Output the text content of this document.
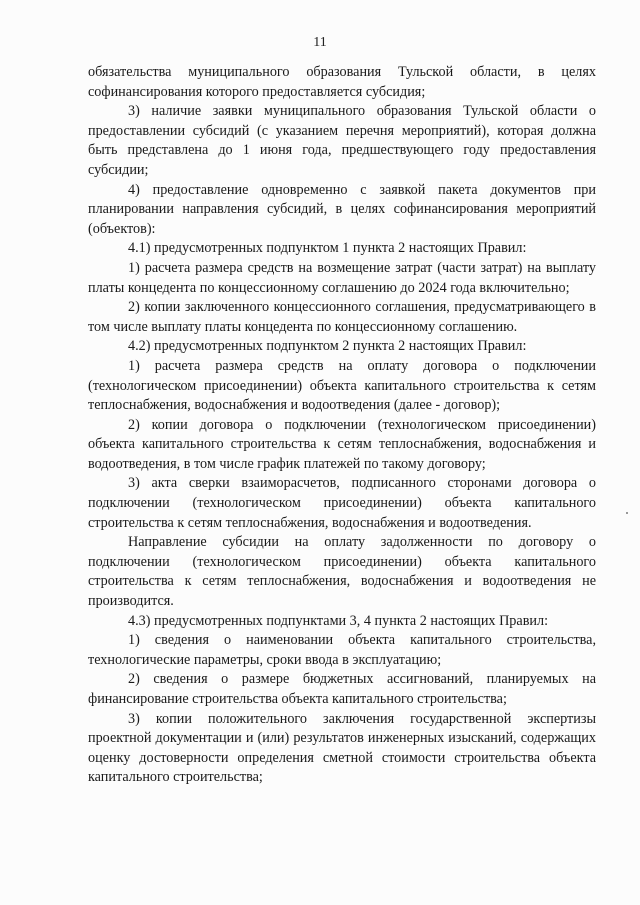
11

обязательства муниципального образования Тульской области, в целях софинансирования которого предоставляется субсидия;

3) наличие заявки муниципального образования Тульской области о предоставлении субсидий (с указанием перечня мероприятий), которая должна быть представлена до 1 июня года, предшествующего году предоставления субсидии;

4) предоставление одновременно с заявкой пакета документов при планировании направления субсидий, в целях софинансирования мероприятий (объектов):

4.1) предусмотренных подпунктом 1 пункта 2 настоящих Правил:

1) расчета размера средств на возмещение затрат (части затрат) на выплату платы концедента по концессионному соглашению до 2024 года включительно;

2) копии заключенного концессионного соглашения, предусматривающего в том числе выплату платы концедента по концессионному соглашению.

4.2) предусмотренных подпунктом 2 пункта 2 настоящих Правил:

1) расчета размера средств на оплату договора о подключении (технологическом присоединении) объекта капитального строительства к сетям теплоснабжения, водоснабжения и водоотведения (далее - договор);

2) копии договора о подключении (технологическом присоединении) объекта капитального строительства к сетям теплоснабжения, водоснабжения и водоотведения, в том числе график платежей по такому договору;

3) акта сверки взаиморасчетов, подписанного сторонами договора о подключении (технологическом присоединении) объекта капитального строительства к сетям теплоснабжения, водоснабжения и водоотведения.

Направление субсидии на оплату задолженности по договору о подключении (технологическом присоединении) объекта капитального строительства к сетям теплоснабжения, водоснабжения и водоотведения не производится.

4.3) предусмотренных подпунктами 3, 4 пункта 2 настоящих Правил:

1) сведения о наименовании объекта капитального строительства, технологические параметры, сроки ввода в эксплуатацию;

2) сведения о размере бюджетных ассигнований, планируемых на финансирование строительства объекта капитального строительства;

3) копии положительного заключения государственной экспертизы проектной документации и (или) результатов инженерных изысканий, содержащих оценку достоверности определения сметной стоимости строительства объекта капитального строительства;
